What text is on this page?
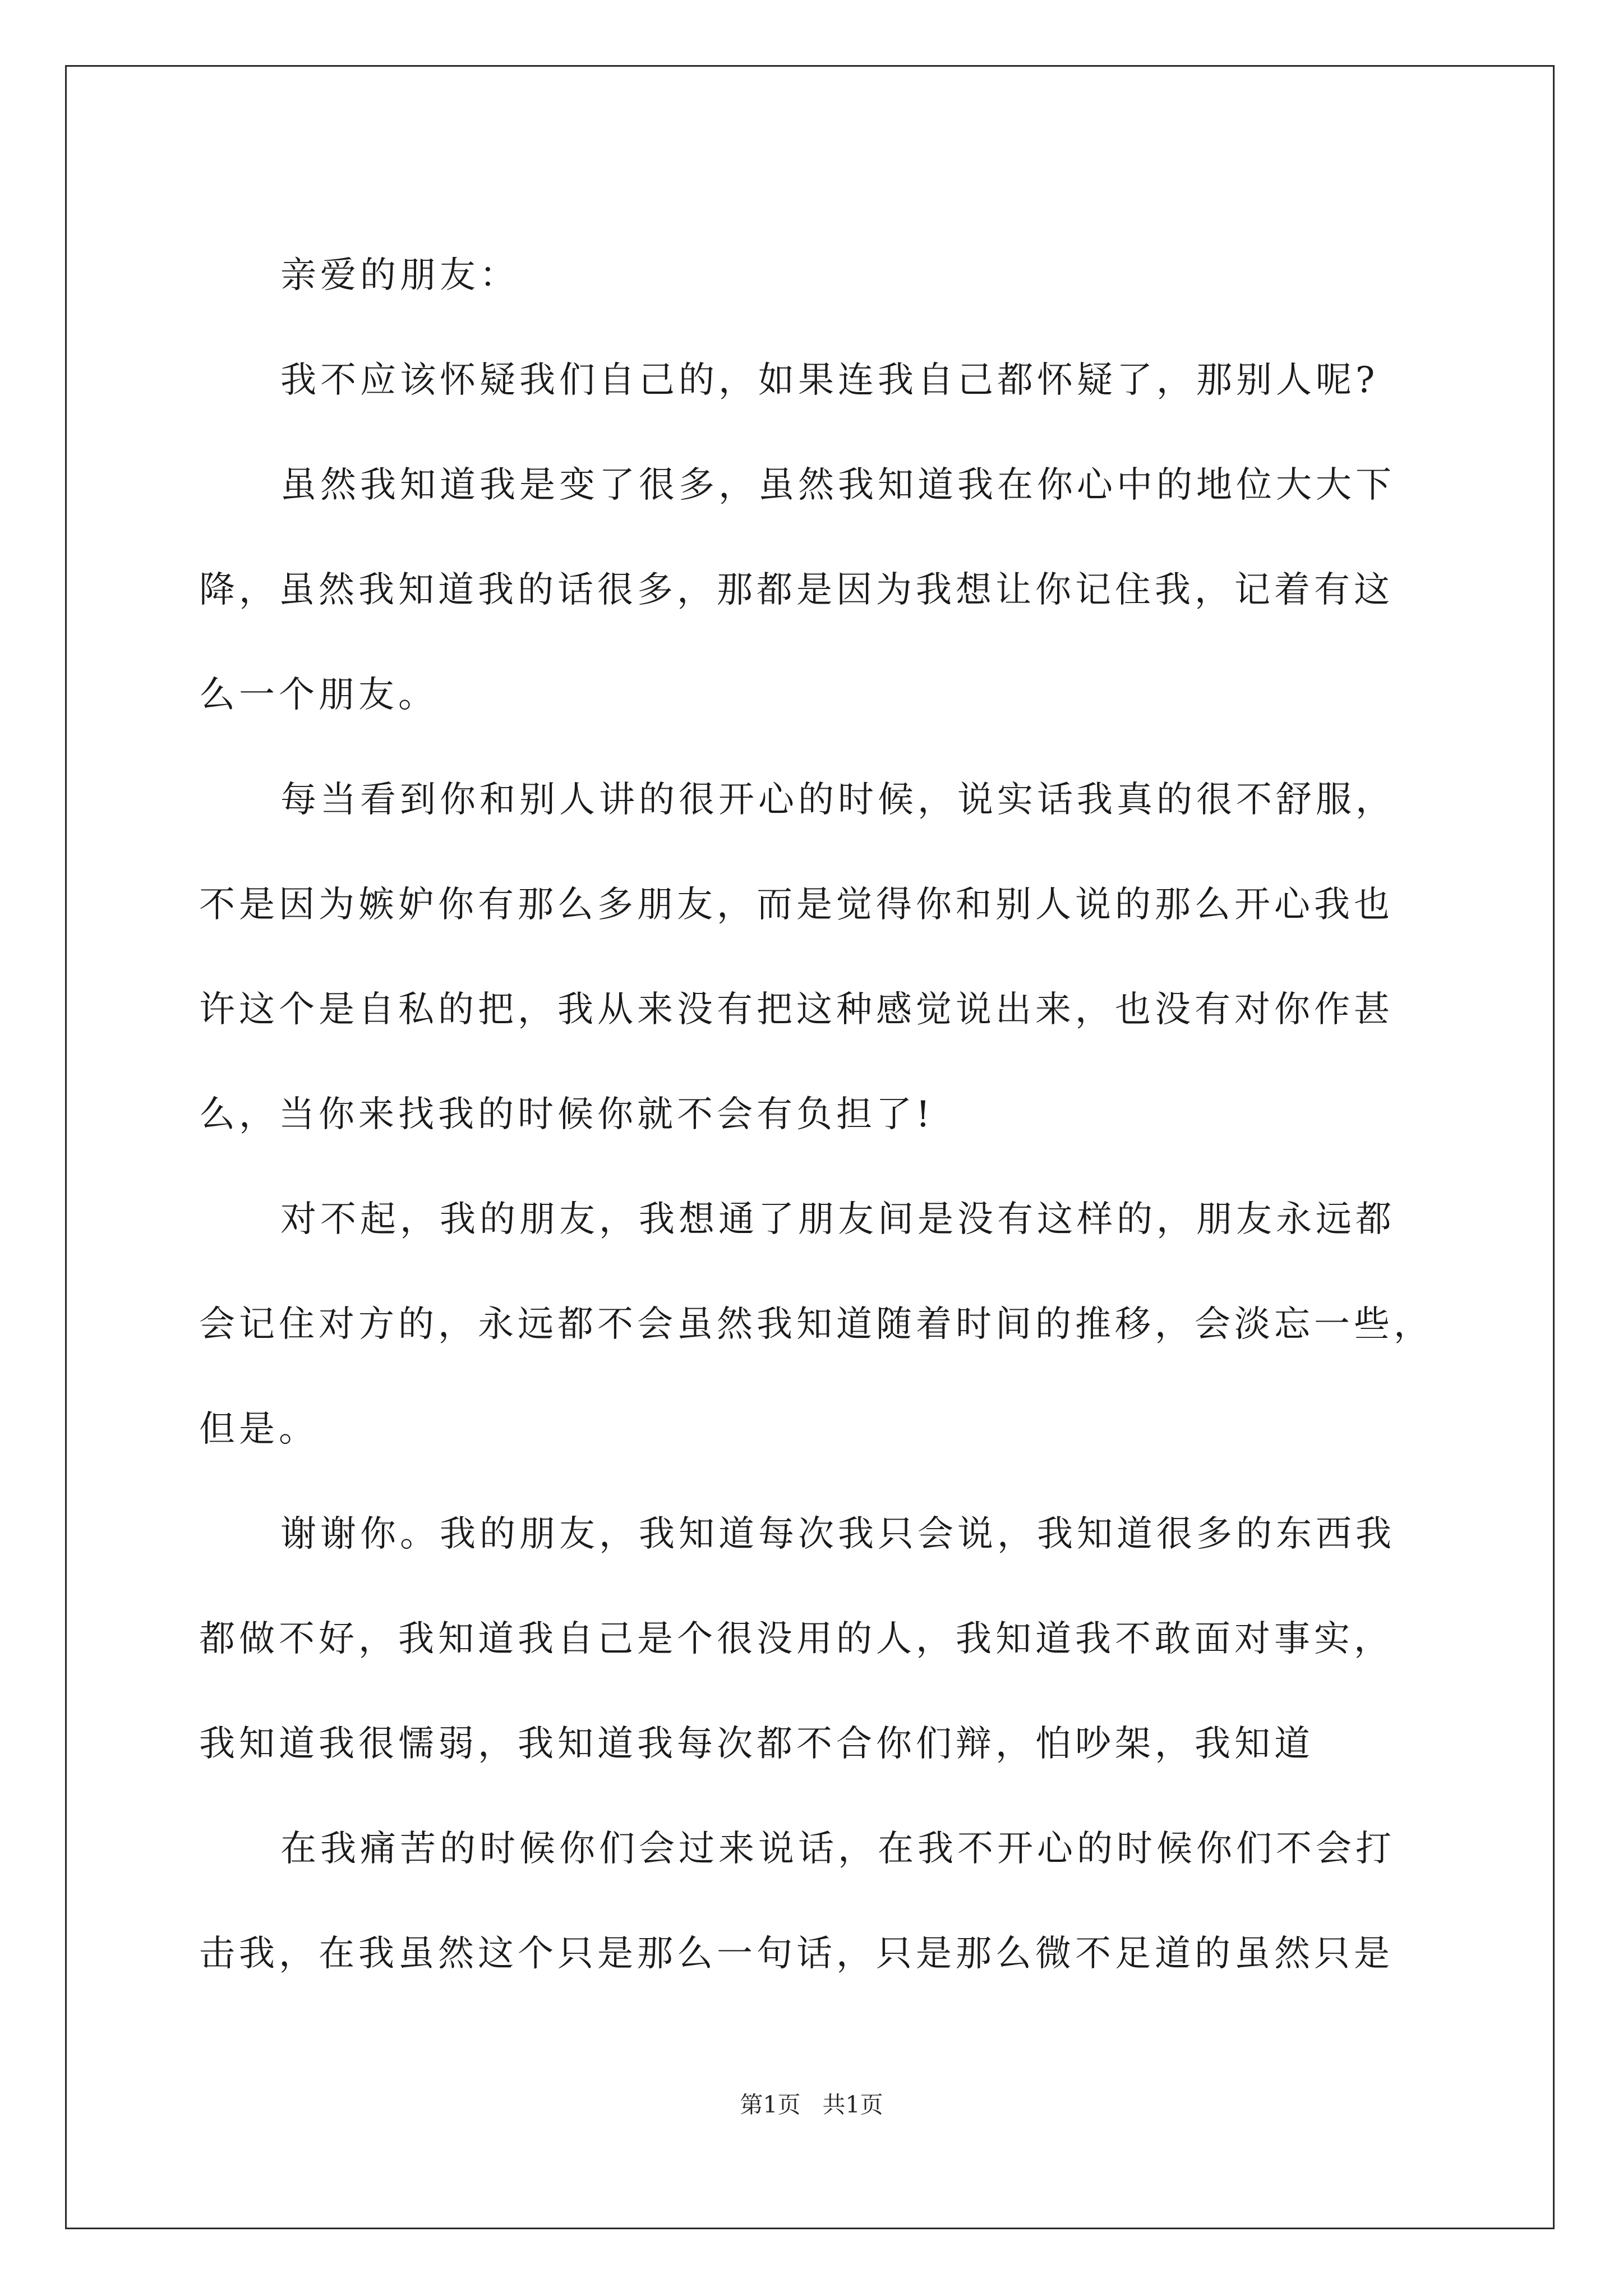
亲爱的朋友：
我不应该怀疑我们自己的，如果连我自己都怀疑了，那别人呢?
虽然我知道我是变了很多，虽然我知道我在你心中的地位大大下
降，虽然我知道我的话很多，那都是因为我想让你记住我，记着有这
么一个朋友。
每当看到你和别人讲的很开心的时候，说实话我真的很不舒服，
不是因为嫉妒你有那么多朋友，而是觉得你和别人说的那么开心我也
许这个是自私的把，我从来没有把这种感觉说出来，也没有对你作甚
么，当你来找我的时候你就不会有负担了!
对不起，我的朋友，我想通了朋友间是没有这样的，朋友永远都
会记住对方的，永远都不会虽然我知道随着时间的推移，会淡忘一些，
但是。
谢谢你。我的朋友，我知道每次我只会说，我知道很多的东西我
都做不好，我知道我自己是个很没用的人，我知道我不敢面对事实，
我知道我很懦弱，我知道我每次都不合你们辩，怕吵架，我知道
在我痛苦的时候你们会过来说话，在我不开心的时候你们不会打
击我，在我虽然这个只是那么一句话，只是那么微不足道的虽然只是
第1页   共1页
